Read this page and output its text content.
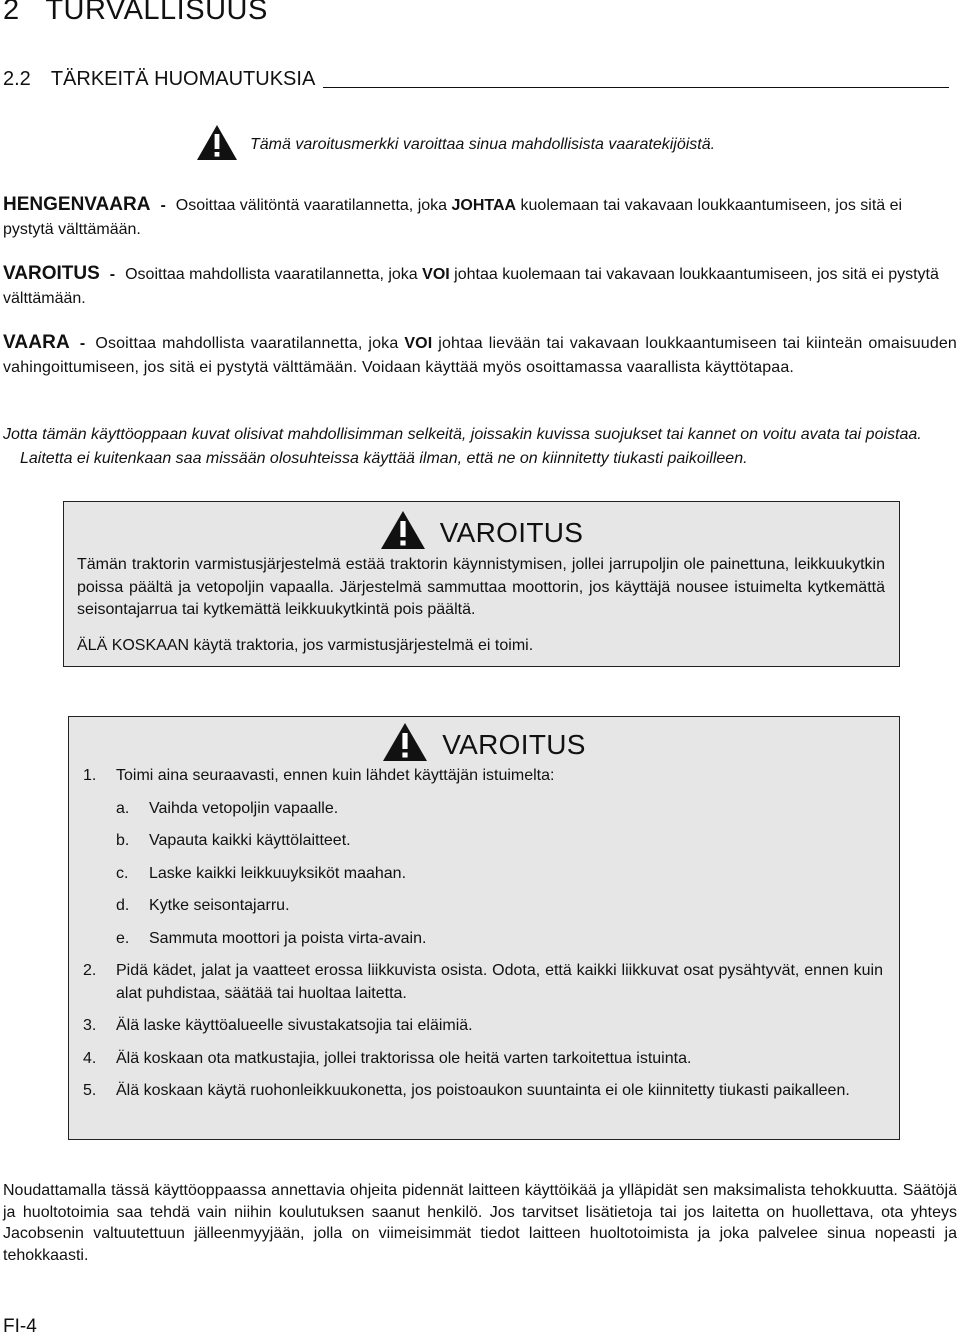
2 TURVALLISUUS
2.2 TÄRKEITÄ HUOMAUTUKSIA
Tämä varoitusmerkki varoittaa sinua mahdollisista vaaratekijöistä.
HENGENVAARA - Osoittaa välitöntä vaaratilannetta, joka JOHTAA kuolemaan tai vakavaan loukkaantumiseen, jos sitä ei pystytä välttämään.
VAROITUS - Osoittaa mahdollista vaaratilannetta, joka VOI johtaa kuolemaan tai vakavaan loukkaantumiseen, jos sitä ei pystytä välttämään.
VAARA - Osoittaa mahdollista vaaratilannetta, joka VOI johtaa lievään tai vakavaan loukkaantumiseen tai kiinteän omaisuuden vahingoittumiseen, jos sitä ei pystytä välttämään. Voidaan käyttää myös osoittamassa vaarallista käyttötapaa.
Jotta tämän käyttöoppaan kuvat olisivat mahdollisimman selkeitä, joissakin kuvissa suojukset tai kannet on voitu avata tai poistaa. Laitetta ei kuitenkaan saa missään olosuhteissa käyttää ilman, että ne on kiinnitetty tiukasti paikoilleen.
VAROITUS
Tämän traktorin varmistusjärjestelmä estää traktorin käynnistymisen, jollei jarrupoljin ole painettuna, leikkuukytkin poissa päältä ja vetopoljin vapaalla. Järjestelmä sammuttaa moottorin, jos käyttäjä nousee istuimelta kytkemättä seisontajarrua tai kytkemättä leikkuukytkintä pois päältä.
ÄLÄ KOSKAAN käytä traktoria, jos varmistusjärjestelmä ei toimi.
VAROITUS
1. Toimi aina seuraavasti, ennen kuin lähdet käyttäjän istuimelta:
a. Vaihda vetopoljin vapaalle.
b. Vapauta kaikki käyttölaitteet.
c. Laske kaikki leikkuuyksiköt maahan.
d. Kytke seisontajarru.
e. Sammuta moottori ja poista virta-avain.
2. Pidä kädet, jalat ja vaatteet erossa liikkuvista osista. Odota, että kaikki liikkuvat osat pysähtyvät, ennen kuin alat puhdistaa, säätää tai huoltaa laitetta.
3. Älä laske käyttöalueelle sivustakatsojia tai eläimiä.
4. Älä koskaan ota matkustajia, jollei traktorissa ole heitä varten tarkoitettua istuinta.
5. Älä koskaan käytä ruohonleikkuukonetta, jos poistoaukon suuntainta ei ole kiinnitetty tiukasti paikalleen.
Noudattamalla tässä käyttöoppaassa annettavia ohjeita pidennät laitteen käyttöikää ja ylläpidät sen maksimalista tehokkuutta. Säätöjä ja huoltotoimia saa tehdä vain niihin koulutuksen saanut henkilö. Jos tarvitset lisätietoja tai jos laitetta on huollettava, ota yhteys Jacobsenin valtuutettuun jälleenmyyjään, jolla on viimeisimmät tiedot laitteen huoltotoimista ja joka palvelee sinua nopeasti ja tehokkaasti.
FI-4
